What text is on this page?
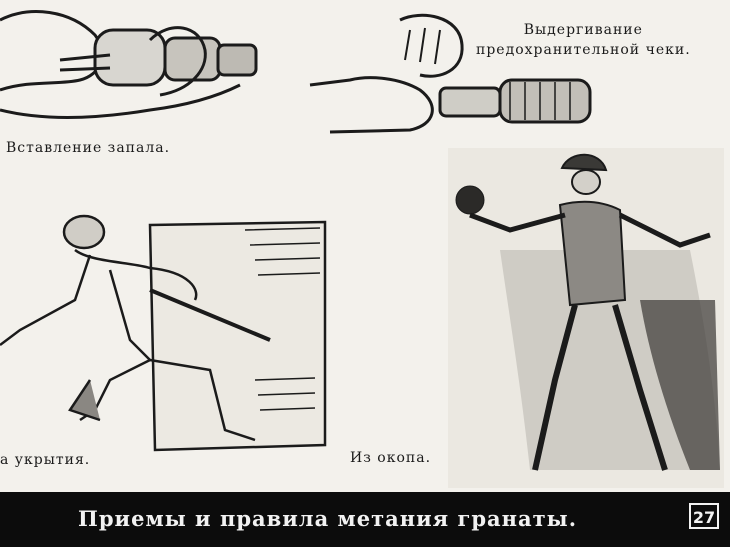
Выдергивание
предохранительной чеки.
Вставление запала.
а укрытия.	Из окопа.
Приемы и правила метания гранаты.	27
